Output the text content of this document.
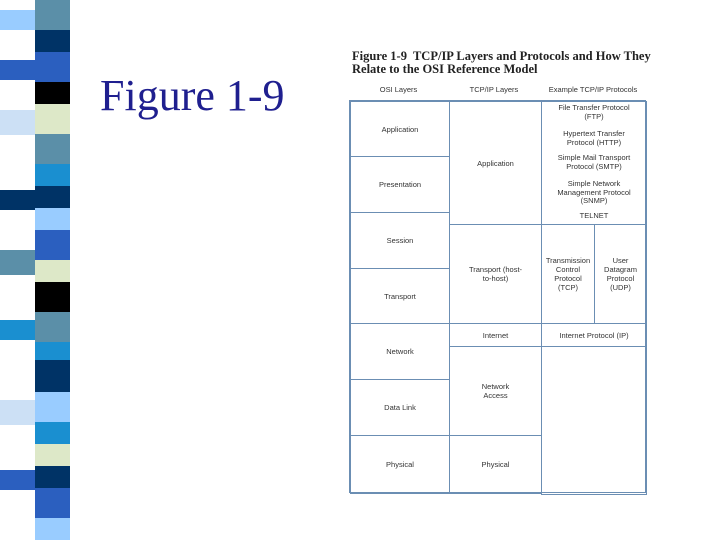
Figure 1-9
Figure 1-9 TCP/IP Layers and Protocols and How They
Relate to the OSI Reference Model
OSI Layers	TCP/IP Layers	Example TCP/IP Protocols
Application
Presentation
Session
Transport
Network
Data Link
Physical
Application
Transport (host-to-host)
Internet
Network Access
Physical
File Transfer Protocol (FTP)
Hypertext Transfer Protocol (HTTP)
Simple Mail Transport Protocol (SMTP)
Simple Network Management Protocol (SNMP)
TELNET
Transmission Control Protocol (TCP)
User Datagram Protocol (UDP)
Internet Protocol (IP)
